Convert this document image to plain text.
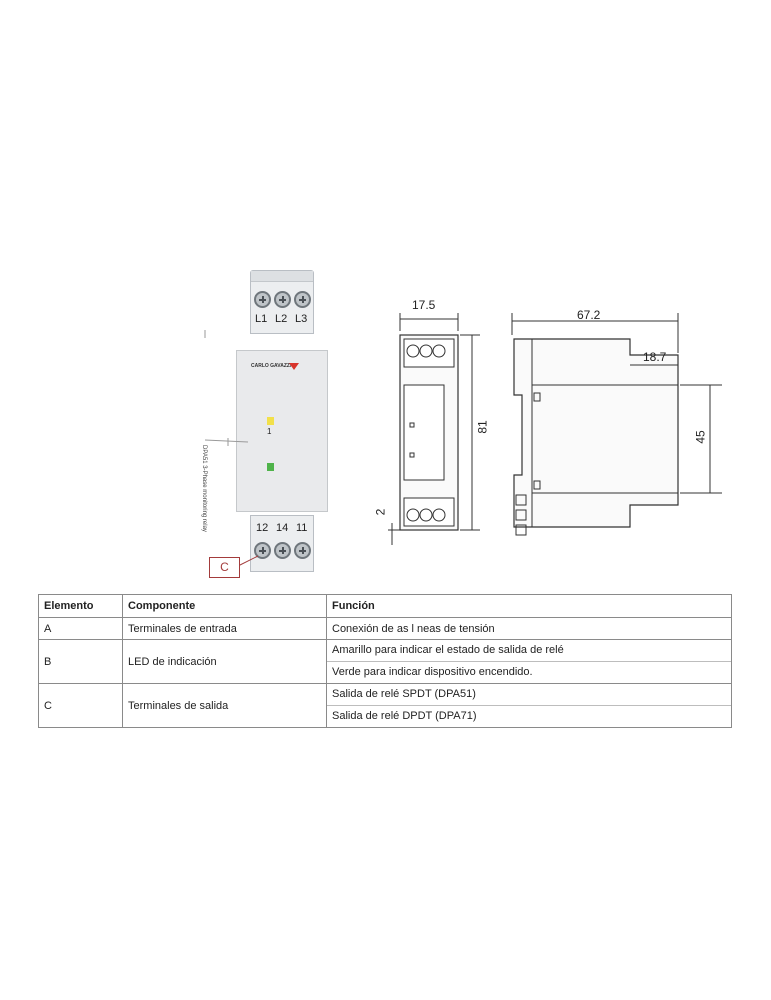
L1 L2 L3
CARLO GAVAZZI
1
DPA51 3-Phase monitoring relay	12 14 11
C
17.5
81
2
67.2
18.7
45
Elemento	Componente	Función
A	Terminales de entrada	Conexión de as l neas de tensión
B	LED de indicación	Amarillo para indicar el estado de salida de relé
Verde para indicar dispositivo encendido.

C	Terminales de salida	Salida de relé SPDT (DPA51)
Salida de relé DPDT (DPA71)
